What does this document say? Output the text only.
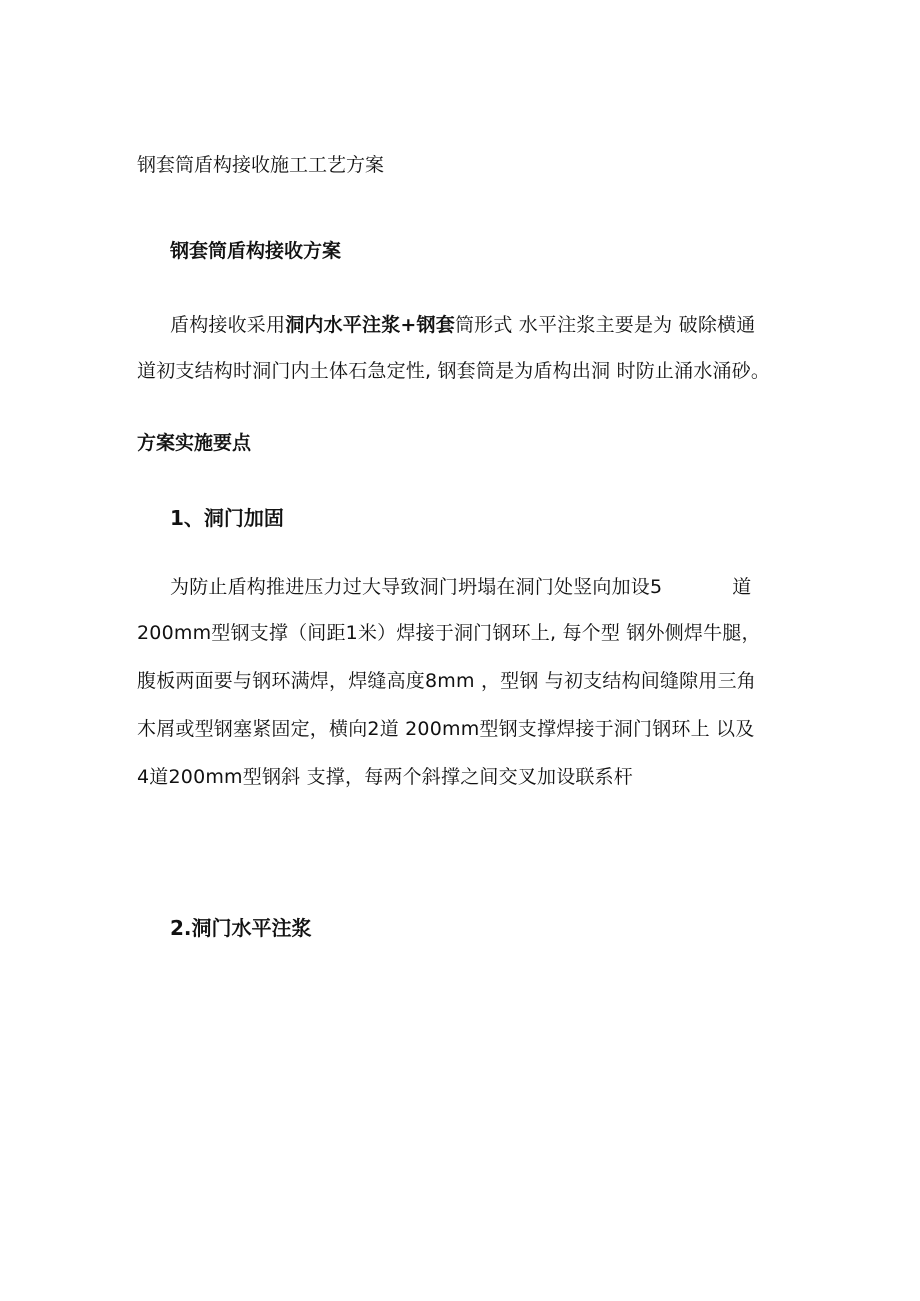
钢套筒盾构接收施工工艺方案

钢套筒盾构接收方案

盾构接收采用洞内水平注浆+钢套筒形式 水平注浆主要是为 破除横通

道初支结构时洞门内土体石急定性, 钢套筒是为盾构出洞 时防止涌水涌砂。

方案实施要点

1、洞门加固

为防止盾构推进压力过大导致洞门坍塌在洞门处竖向加设5	道

200mm型钢支撑（间距1米）焊接于洞门钢环上, 每个型 钢外侧焊牛腿，

腹板两面要与钢环满焊，焊缝高度8mm ，型钢 与初支结构间缝隙用三角

木屑或型钢塞紧固定，横向2道 200mm型钢支撑焊接于洞门钢环上 以及

4道200mm型钢斜 支撑，每两个斜撑之间交叉加设联系杆

2.洞门水平注浆
